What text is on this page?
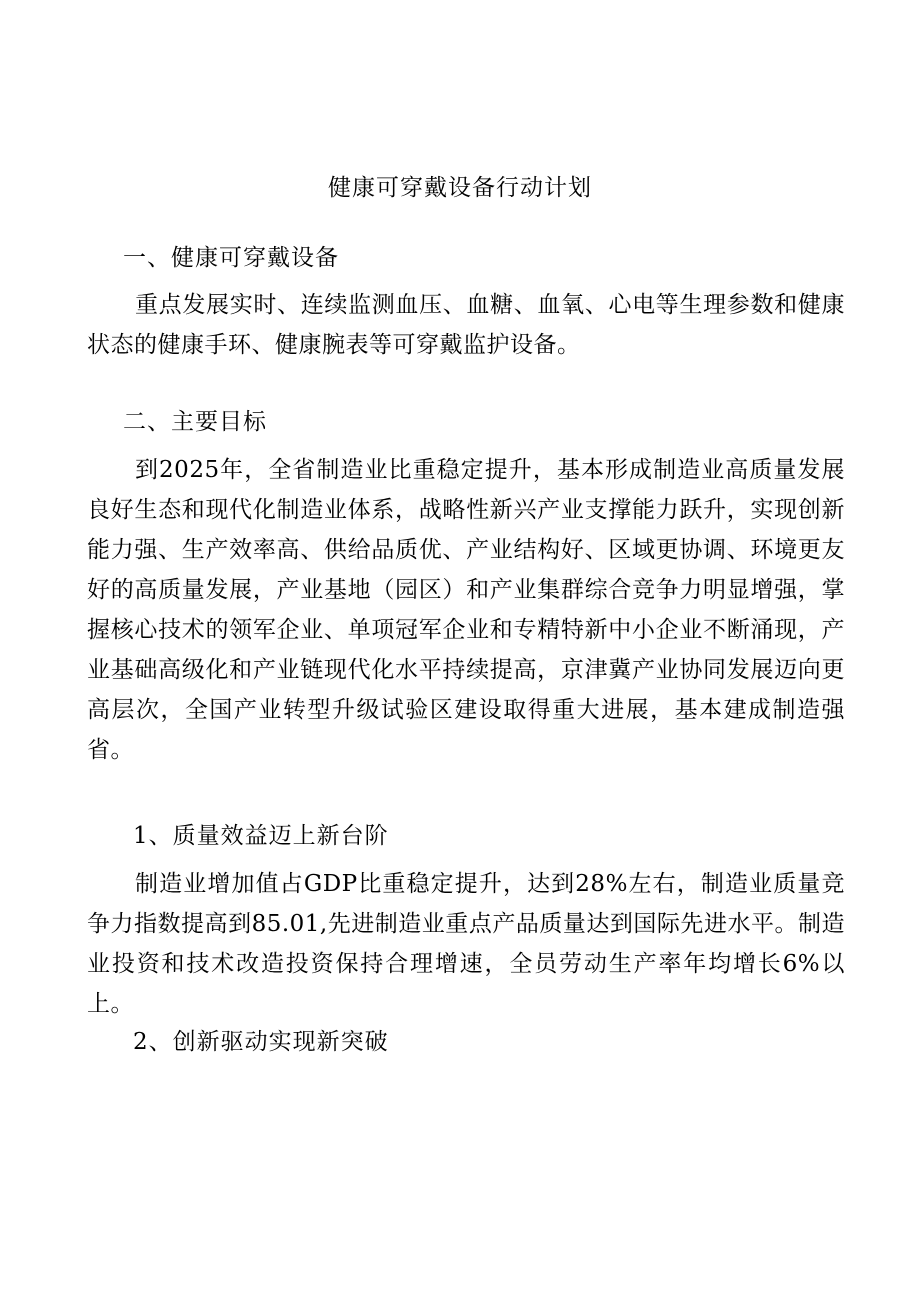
健康可穿戴设备行动计划
一、健康可穿戴设备
重点发展实时、连续监测血压、血糖、血氧、心电等生理参数和健康状态的健康手环、健康腕表等可穿戴监护设备。
二、主要目标
到2025年，全省制造业比重稳定提升，基本形成制造业高质量发展良好生态和现代化制造业体系，战略性新兴产业支撑能力跃升，实现创新能力强、生产效率高、供给品质优、产业结构好、区域更协调、环境更友好的高质量发展，产业基地（园区）和产业集群综合竞争力明显增强，掌握核心技术的领军企业、单项冠军企业和专精特新中小企业不断涌现，产业基础高级化和产业链现代化水平持续提高，京津冀产业协同发展迈向更高层次，全国产业转型升级试验区建设取得重大进展，基本建成制造强省。
1、质量效益迈上新台阶
制造业增加值占GDP比重稳定提升，达到28%左右，制造业质量竞争力指数提高到85.01,先进制造业重点产品质量达到国际先进水平。制造业投资和技术改造投资保持合理增速，全员劳动生产率年均增长6%以上。
2、创新驱动实现新突破
